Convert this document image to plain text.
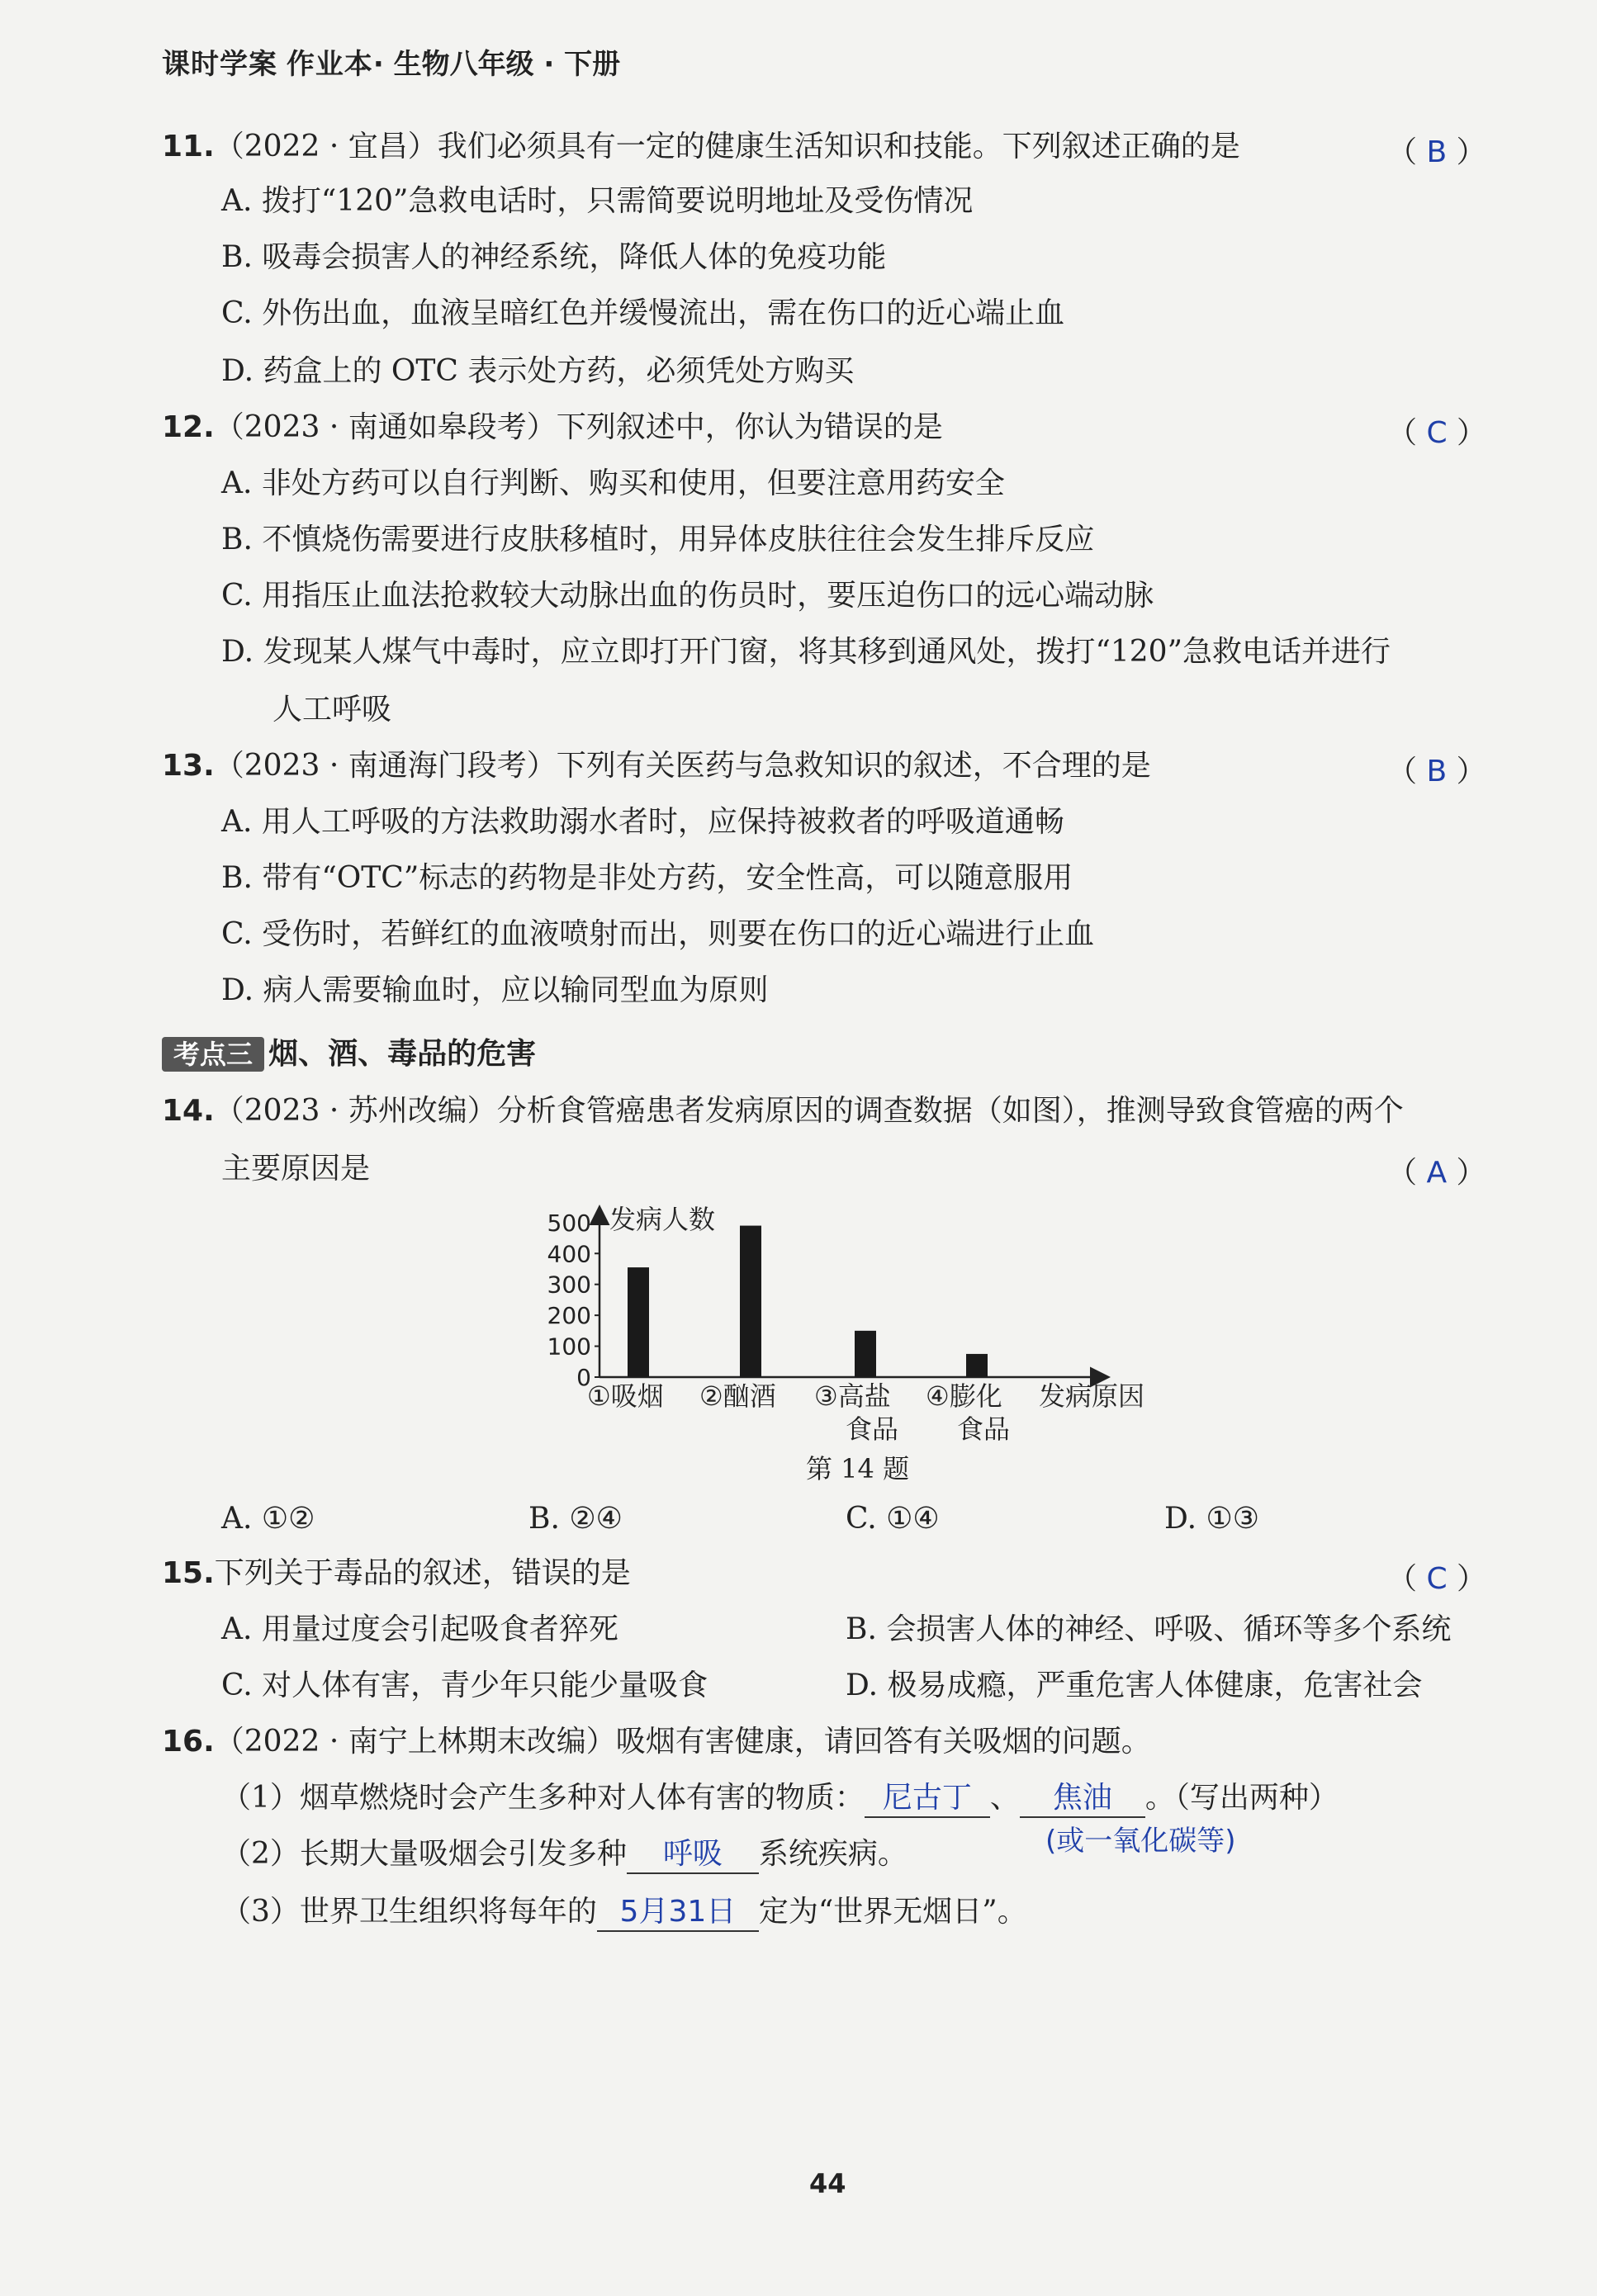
课时学案 作业本· 生物八年级 · 下册
11.（2022 · 宜昌）我们必须具有一定的健康生活知识和技能。下列叙述正确的是	（ B ）
A. 拨打“120”急救电话时，只需简要说明地址及受伤情况
B. 吸毒会损害人的神经系统，降低人体的免疫功能
C. 外伤出血，血液呈暗红色并缓慢流出，需在伤口的近心端止血
D. 药盒上的 OTC 表示处方药，必须凭处方购买
12.（2023 · 南通如皋段考）下列叙述中，你认为错误的是	（ C ）
A. 非处方药可以自行判断、购买和使用，但要注意用药安全
B. 不慎烧伤需要进行皮肤移植时，用异体皮肤往往会发生排斥反应
C. 用指压止血法抢救较大动脉出血的伤员时，要压迫伤口的远心端动脉
D. 发现某人煤气中毒时，应立即打开门窗，将其移到通风处，拨打“120”急救电话并进行
人工呼吸
13.（2023 · 南通海门段考）下列有关医药与急救知识的叙述，不合理的是	（ B ）
A. 用人工呼吸的方法救助溺水者时，应保持被救者的呼吸道通畅
B. 带有“OTC”标志的药物是非处方药，安全性高，可以随意服用
C. 受伤时，若鲜红的血液喷射而出，则要在伤口的近心端进行止血
D. 病人需要输血时，应以输同型血为原则
考点三 烟、酒、毒品的危害
14.（2023 · 苏州改编）分析食管癌患者发病原因的调查数据（如图），推测导致食管癌的两个
主要原因是	（ A ）
发病人数
发病原因
0
100
200
300
400
500
①吸烟 ②酗酒 ③高盐
食品
④膨化
食品
第 14 题
A. ①②	B. ②④	C. ①④	D. ①③
15.下列关于毒品的叙述，错误的是	（ C ）
A. 用量过度会引起吸食者猝死	B. 会损害人体的神经、呼吸、循环等多个系统
C. 对人体有害，青少年只能少量吸食	D. 极易成瘾，严重危害人体健康，危害社会
16.（2022 · 南宁上林期末改编）吸烟有害健康，请回答有关吸烟的问题。
（1）烟草燃烧时会产生多种对人体有害的物质： 尼古丁 、 焦油 。（写出两种）
(或一氧化碳等)
（2）长期大量吸烟会引发多种 呼吸 系统疾病。
（3）世界卫生组织将每年的 5月31日 定为“世界无烟日”。
44
